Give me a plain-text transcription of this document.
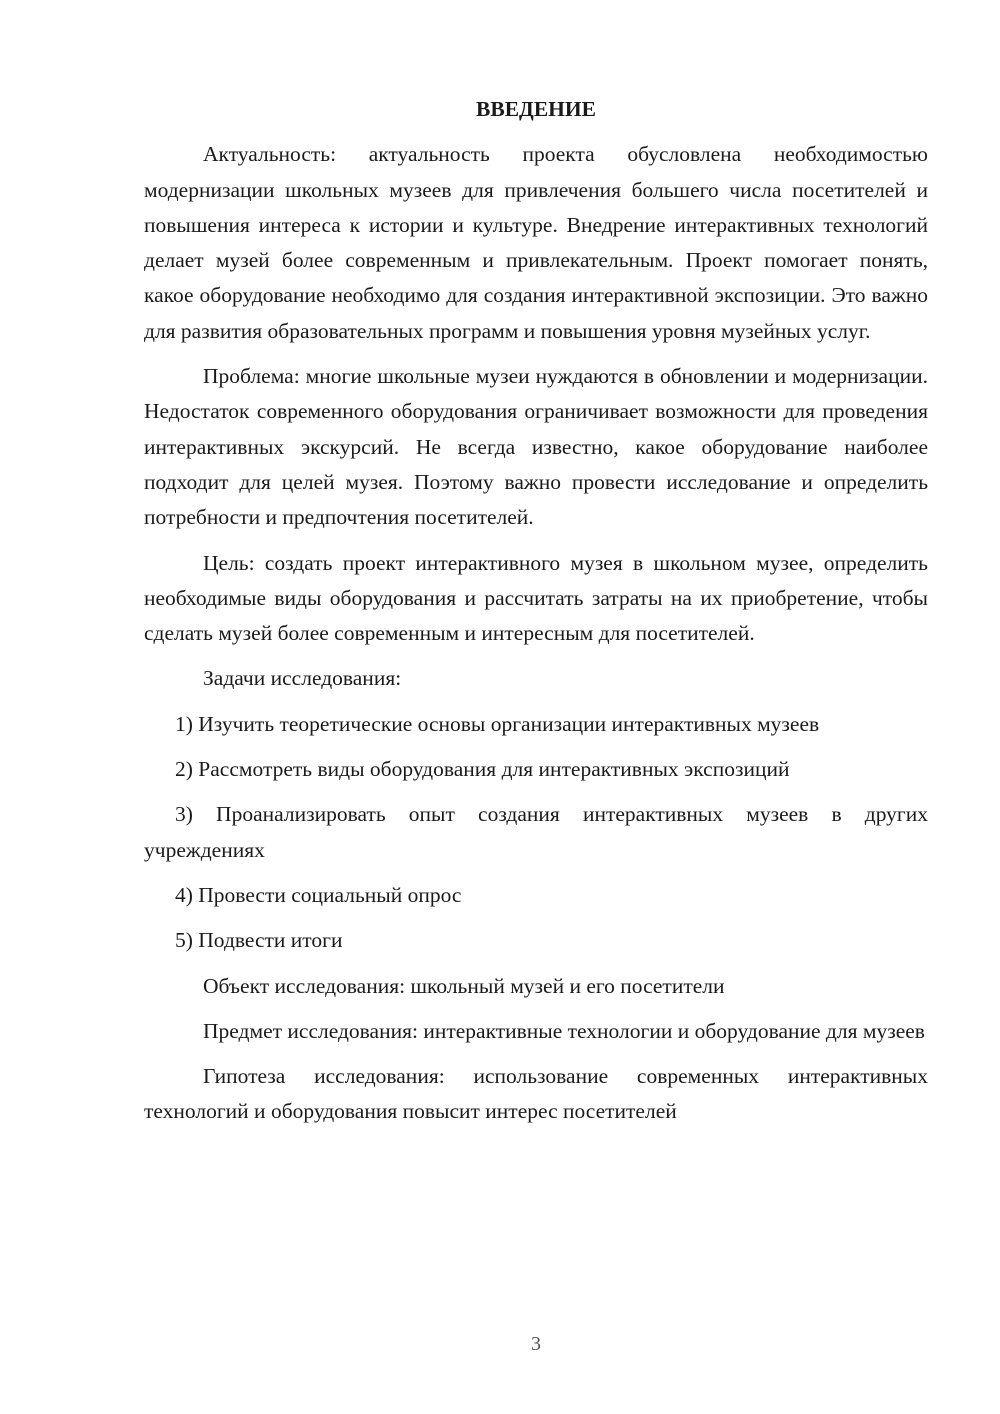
ВВЕДЕНИЕ

Актуальность: актуальность проекта обусловлена необходимостью модернизации школьных музеев для привлечения большего числа посетителей и повышения интереса к истории и культуре. Внедрение интерактивных технологий делает музей более современным и привлекательным. Проект помогает понять, какое оборудование необходимо для создания интерактивной экспозиции. Это важно для развития образовательных программ и повышения уровня музейных услуг.

Проблема: многие школьные музеи нуждаются в обновлении и модернизации. Недостаток современного оборудования ограничивает возможности для проведения интерактивных экскурсий. Не всегда известно, какое оборудование наиболее подходит для целей музея. Поэтому важно провести исследование и определить потребности и предпочтения посетителей.

Цель: создать проект интерактивного музея в школьном музее, определить необходимые виды оборудования и рассчитать затраты на их приобретение, чтобы сделать музей более современным и интересным для посетителей.

Задачи исследования:

1) Изучить теоретические основы организации интерактивных музеев

2) Рассмотреть виды оборудования для интерактивных экспозиций

3) Проанализировать опыт создания интерактивных музеев в других учреждениях

4) Провести социальный опрос

5) Подвести итоги

Объект исследования: школьный музей и его посетители

Предмет исследования: интерактивные технологии и оборудование для музеев

Гипотеза исследования: использование современных интерактивных технологий и оборудования повысит интерес посетителей

3
